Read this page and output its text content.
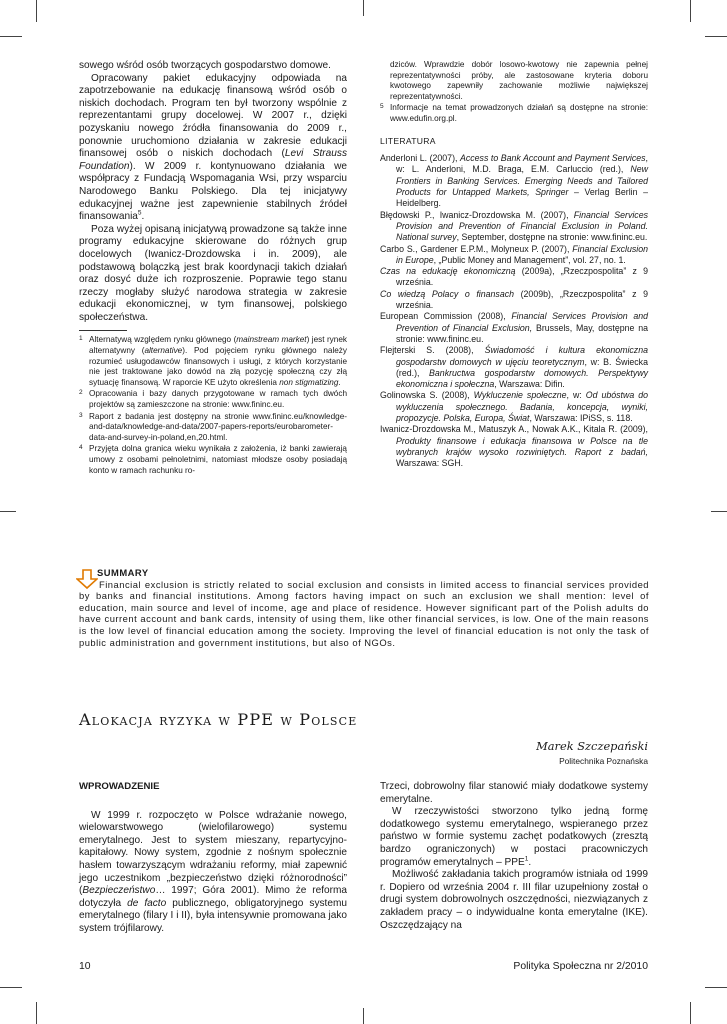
sowego wśród osób tworzących gospodarstwo domowe.

Opracowany pakiet edukacyjny odpowiada na zapotrzebowanie na edukację finansową wśród osób o niskich dochodach. Program ten był tworzony wspólnie z reprezentantami grupy docelowej. W 2007 r., dzięki pozyskaniu nowego źródła finansowania do 2009 r., ponownie uruchomiono działania w zakresie edukacji finansowej osób o niskich dochodach (Levi Strauss Foundation). W 2009 r. kontynuowano działania we współpracy z Fundacją Wspomagania Wsi, przy wsparciu Narodowego Banku Polskiego. Dla tej inicjatywy edukacyjnej ważne jest zapewnienie stabilnych źródeł finansowania$^5$.

Poza wyżej opisaną inicjatywą prowadzone są także inne programy edukacyjne skierowane do różnych grup docelowych (Iwanicz-Drozdowska i in. 2009), ale podstawową bolączką jest brak koordynacji takich działań oraz dosyć duże ich rozproszenie. Poprawie tego stanu rzeczy mogłaby służyć narodowa strategia w zakresie edukacji ekonomicznej, w tym finansowej, polskiego społeczeństwa.

1 Alternatywą względem rynku głównego (mainstream market) jest rynek alternatywny (alternative). Pod pojęciem rynku głównego należy rozumieć usługodawców finansowych i usługi, z których korzystanie nie jest traktowane jako dowód na złą pozycję społeczną czy złą sytuację finansową. W raporcie KE użyto określenia non stigmatizing.
2 Opracowania i bazy danych przygotowane w ramach tych dwóch projektów są zamieszczone na stronie: www.fininc.eu.
3 Raport z badania jest dostępny na stronie www.fininc.eu/knowledge-and-data/knowledge-and-data/2007-papers-reports/eurobarometer-data-and-survey-in-poland,en,20.html.
4 Przyjęta dolna granica wieku wynikała z założenia, iż banki zawierają umowy z osobami pełnoletnimi, natomiast młodsze osoby posiadają konto w ramach rachunku ro-
dziców. Wprawdzie dobór losowo-kwotowy nie zapewnia pełnej reprezentatywności próby, ale zastosowane kryteria doboru kwotowego zapewniły zachowanie możliwie największej reprezentatywności.
5 Informacje na temat prowadzonych działań są dostępne na stronie: www.edufin.org.pl.
LITERATURA
Anderloni L. (2007), Access to Bank Account and Payment Services, w: L. Anderloni, M.D. Braga, E.M. Carluccio (red.), New Frontiers in Banking Services. Emerging Needs and Tailored Products for Untapped Markets, Springer – Verlag Berlin – Heidelberg.
Błędowski P., Iwanicz-Drozdowska M. (2007), Financial Services Provision and Prevention of Financial Exclusion in Poland. National survey, September, dostępne na stronie: www.fininc.eu.
Carbo S., Gardener E.P.M., Molyneux P. (2007), Financial Exclusion in Europe, „Public Money and Management”, vol. 27, no. 1.
Czas na edukację ekonomiczną (2009a), „Rzeczpospolita” z 9 września.
Co wiedzą Polacy o finansach (2009b), „Rzeczpospolita” z 9 września.
European Commission (2008), Financial Services Provision and Prevention of Financial Exclusion, Brussels, May, dostępne na stronie: www.fininc.eu.
Flejterski S. (2008), Świadomość i kultura ekonomiczna gospodarstw domowych w ujęciu teoretycznym, w: B. Świecka (red.), Bankructwa gospodarstw domowych. Perspektywy ekonomiczna i społeczna, Warszawa: Difin.
Golinowska S. (2008), Wykluczenie społeczne, w: Od ubóstwa do wykluczenia społecznego. Badania, koncepcja, wyniki, propozycje. Polska, Europa, Świat, Warszawa: IPiSS, s. 118.
Iwanicz-Drozdowska M., Matuszyk A., Nowak A.K., Kitala R. (2009), Produkty finansowe i edukacja finansowa w Polsce na tle wybranych krajów wysoko rozwiniętych. Raport z badań, Warszawa: SGH.
SUMMARY
Financial exclusion is strictly related to social exclusion and consists in limited access to financial services provided by banks and financial institutions. Among factors having impact on such an exclusion we shall mention: level of education, main source and level of income, age and place of residence. However significant part of the Polish adults do have current account and bank cards, intensity of using them, like other financial services, is low. One of the main reasons is the low level of financial education among the society. Improving the level of financial education is not only the task of public administration and government institutions, but also of NGOs.
Alokacja ryzyka w PPE w Polsce
Marek Szczepański
Politechnika Poznańska
WPROWADZENIE

W 1999 r. rozpoczęto w Polsce wdrażanie nowego, wielowarstwowego (wielofilarowego) systemu emerytalnego. Jest to system mieszany, repartycyjno-kapitałowy. Nowy system, zgodnie z nośnym społecznie hasłem towarzyszącym wdrażaniu reformy, miał zapewnić jego uczestnikom „bezpieczeństwo dzięki różnorodności” (Bezpieczeństwo… 1997; Góra 2001). Mimo że reforma dotyczyła de facto publicznego, obligatoryjnego systemu emerytalnego (filary I i II), była intensywnie promowana jako system trójfilarowy.

Trzeci, dobrowolny filar stanowić miały dodatkowe systemy emerytalne.

W rzeczywistości stworzono tylko jedną formę dodatkowego systemu emerytalnego, wspieranego przez państwo w formie systemu zachęt podatkowych (zresztą bardzo ograniczonych) w postaci pracowniczych programów emerytalnych – PPE$^1$.

Możliwość zakładania takich programów istniała od 1999 r. Dopiero od września 2004 r. III filar uzupełniony został o drugi system dobrowolnych oszczędności, niezwiązanych z zakładem pracy – o indywidualne konta emerytalne (IKE). Oszczędzający na

10	Polityka Społeczna nr 2/2010
